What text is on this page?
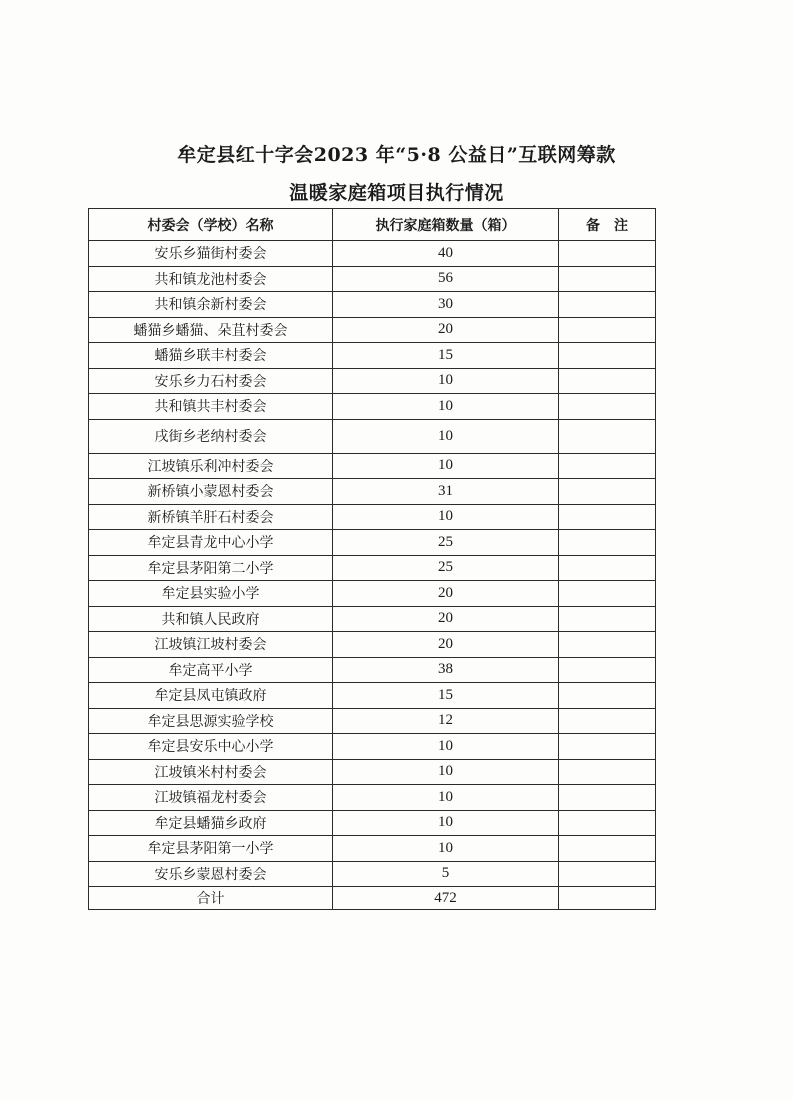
牟定县红十字会2023 年“5·8 公益日”互联网筹款
温暖家庭箱项目执行情况
村委会（学校）名称	执行家庭箱数量（箱）	备　注
安乐乡猫街村委会	40	
共和镇龙池村委会	56	
共和镇余新村委会	30	
蟠猫乡蟠猫、朵苴村委会	20	
蟠猫乡联丰村委会	15	
安乐乡力石村委会	10	
共和镇共丰村委会	10	
戌街乡老纳村委会	10	
江坡镇乐利冲村委会	10	
新桥镇小蒙恩村委会	31	
新桥镇羊肝石村委会	10	
牟定县青龙中心小学	25	
牟定县茅阳第二小学	25	
牟定县实验小学	20	
共和镇人民政府	20	
江坡镇江坡村委会	20	
牟定高平小学	38	
牟定县凤屯镇政府	15	
牟定县思源实验学校	12	
牟定县安乐中心小学	10	
江坡镇米村村委会	10	
江坡镇福龙村委会	10	
牟定县蟠猫乡政府	10	
牟定县茅阳第一小学	10	
安乐乡蒙恩村委会	5	
合计	472	
